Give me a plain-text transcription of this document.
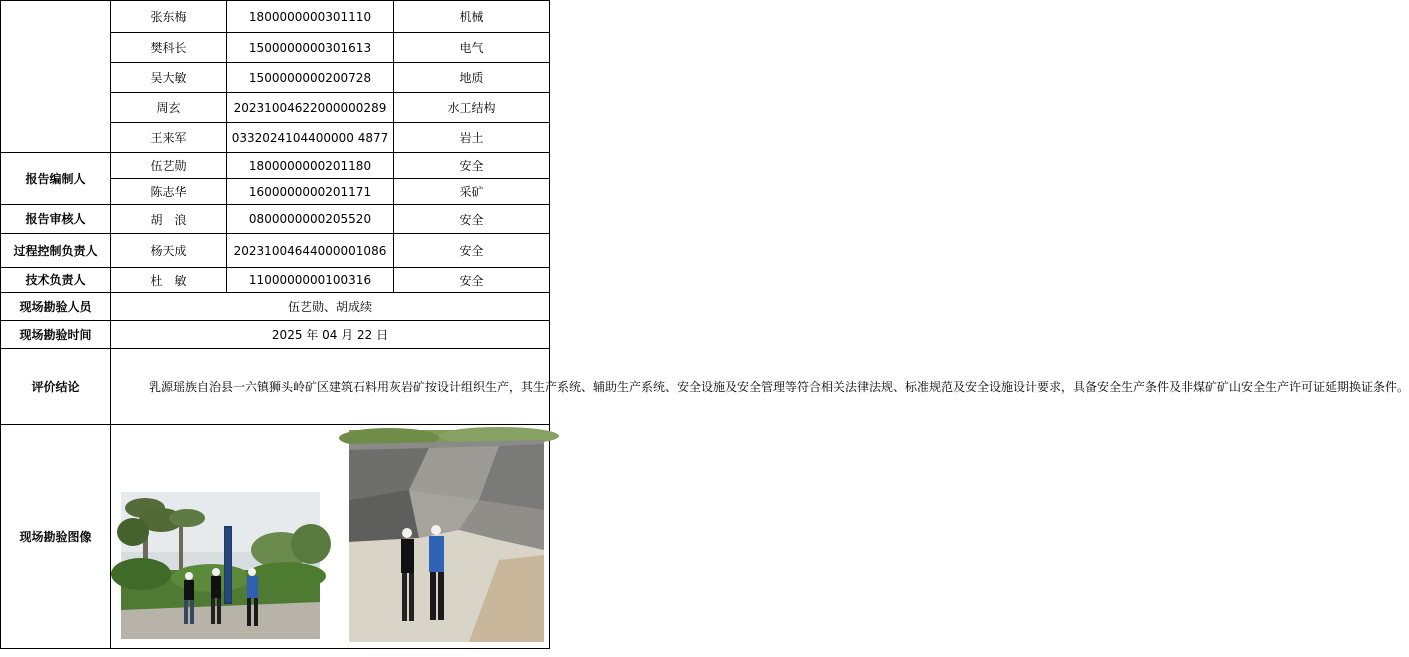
	张东梅	1800000000301110	机械
	樊科长	1500000000301613	电气
	吴大敏	1500000000200728	地质
	周玄	20231004622000000289	水工结构
	王来军	0332024104400000 4877	岩土
报告编制人	伍艺勋	1800000000201180	安全
	陈志华	1600000000201171	采矿
报告审核人	胡　浪	0800000000205520	安全
过程控制负责人	杨天成	20231004644000001086	安全
技术负责人	杜　敏	1100000000100316	安全
现场勘验人员	伍艺勋、胡成续		
现场勘验时间	2025 年 04 月 22 日		
评价结论	乳源瑶族自治县一六镇狮头岭矿区建筑石料用灰岩矿按设计组织生产，其生产系统、辅助生产系统、安全设施及安全管理等符合相关法律法规、标准规范及安全设施设计要求，具备安全生产条件及非煤矿矿山安全生产许可证延期换证条件。		
现场勘验图像	
